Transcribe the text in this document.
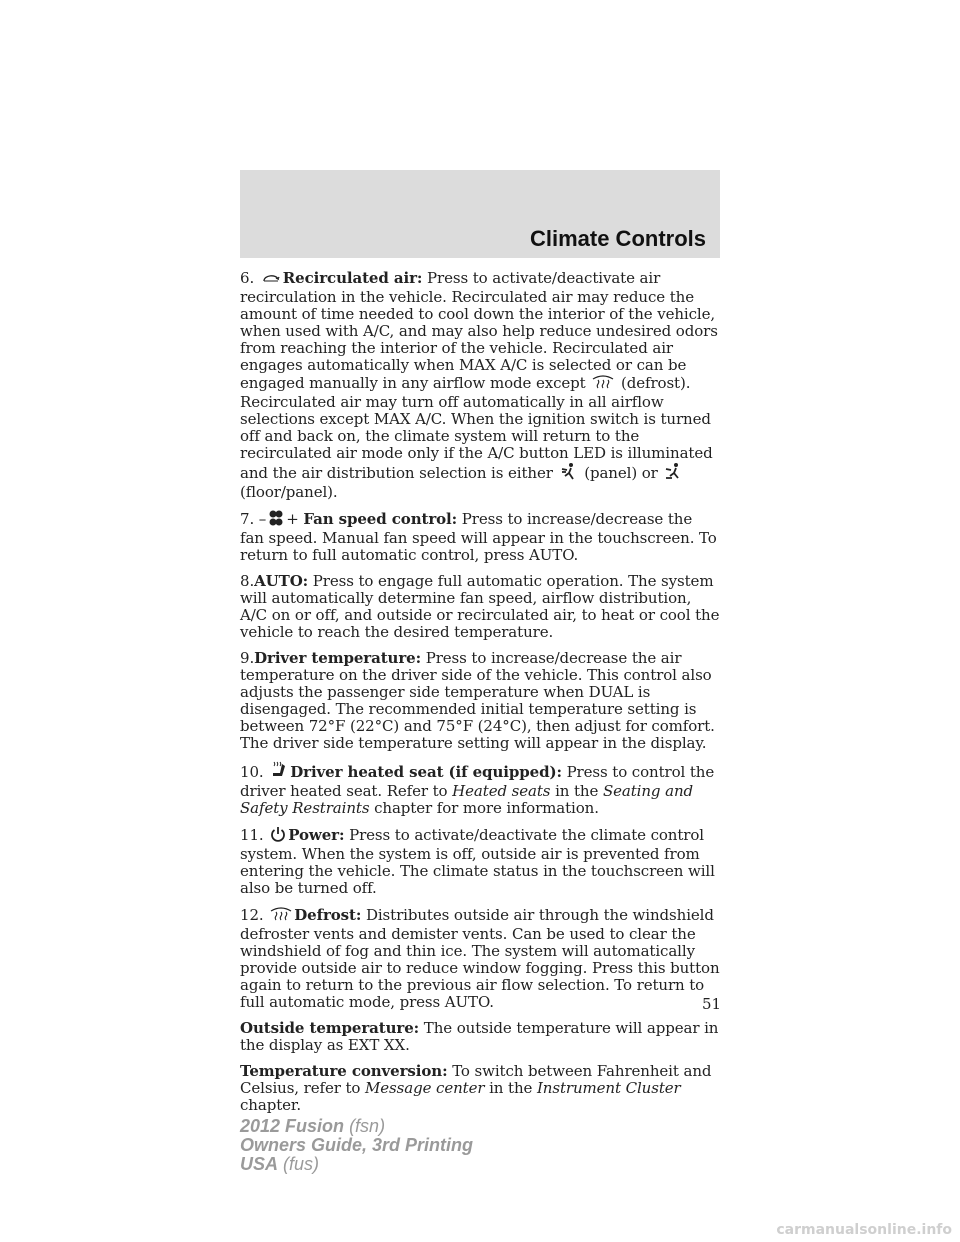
Climate Controls

6. Recirculated air: Press to activate/deactivate air recirculation in the vehicle. Recirculated air may reduce the amount of time needed to cool down the interior of the vehicle, when used with A/C, and may also help reduce undesired odors from reaching the interior of the vehicle. Recirculated air engages automatically when MAX A/C is selected or can be engaged manually in any airflow mode except (defrost). Recirculated air may turn off automatically in all airflow selections except MAX A/C. When the ignition switch is turned off and back on, the climate system will return to the recirculated air mode only if the A/C button LED is illuminated and the air distribution selection is either (panel) or  (floor/panel).

7. – + Fan speed control: Press to increase/decrease the fan speed. Manual fan speed will appear in the touchscreen. To return to full automatic control, press AUTO.

8.AUTO: Press to engage full automatic operation. The system will automatically determine fan speed, airflow distribution, A/C on or off, and outside or recirculated air, to heat or cool the vehicle to reach the desired temperature.

9.Driver temperature: Press to increase/decrease the air temperature on the driver side of the vehicle. This control also adjusts the passenger side temperature when DUAL is disengaged. The recommended initial temperature setting is between 72°F (22°C) and 75°F (24°C), then adjust for comfort. The driver side temperature setting will appear in the display.

10. Driver heated seat (if equipped): Press to control the driver heated seat. Refer to Heated seats in the Seating and Safety Restraints chapter for more information.

11. Power: Press to activate/deactivate the climate control system. When the system is off, outside air is prevented from entering the vehicle. The climate status in the touchscreen will also be turned off.

12. Defrost: Distributes outside air through the windshield defroster vents and demister vents. Can be used to clear the windshield of fog and thin ice. The system will automatically provide outside air to reduce window fogging. Press this button again to return to the previous air flow selection. To return to full automatic mode, press AUTO.

Outside temperature: The outside temperature will appear in the display as EXT XX.

Temperature conversion: To switch between Fahrenheit and Celsius, refer to Message center in the Instrument Cluster chapter.

51
2012 Fusion (fsn)
Owners Guide, 3rd Printing
USA (fus)
carmanualsonline.info
